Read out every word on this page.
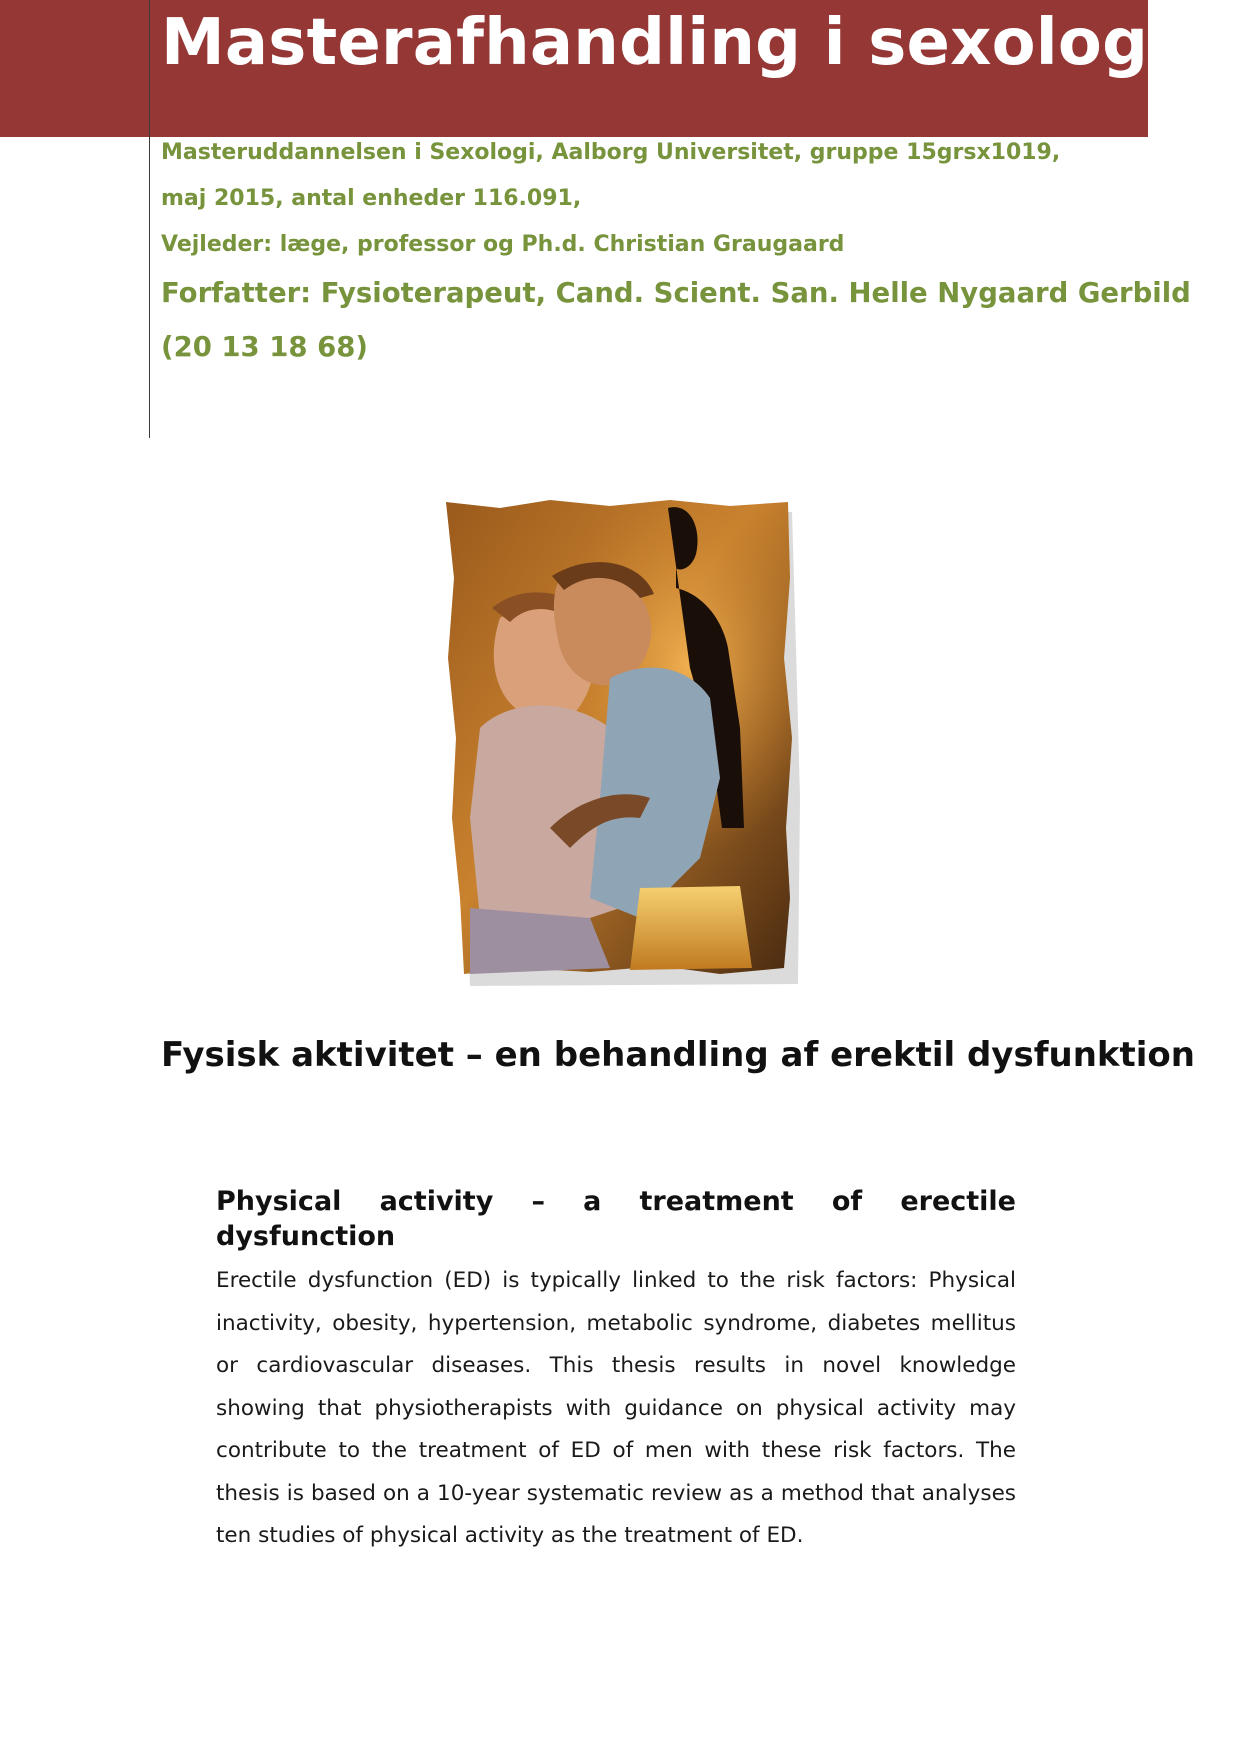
Masterafhandling i sexologi

Masteruddannelsen i Sexologi, Aalborg Universitet, gruppe 15grsx1019,

maj 2015, antal enheder 116.091,

Vejleder: læge, professor og Ph.d. Christian Graugaard

Forfatter: Fysioterapeut, Cand. Scient. San. Helle Nygaard Gerbild

(20 13 18 68)

Fysisk aktivitet – en behandling af erektil dysfunktion

Physical activity – a treatment of erectile dysfunction

Erectile dysfunction (ED) is typically linked to the risk factors: Physical inactivity, obesity, hypertension, metabolic syndrome, diabetes mellitus or cardiovascular diseases. This thesis results in novel knowledge showing that physiotherapists with guidance on physical activity may contribute to the treatment of ED of men with these risk factors. The thesis is based on a 10-year systematic review as a method that analyses ten studies of physical activity as the treatment of ED.
